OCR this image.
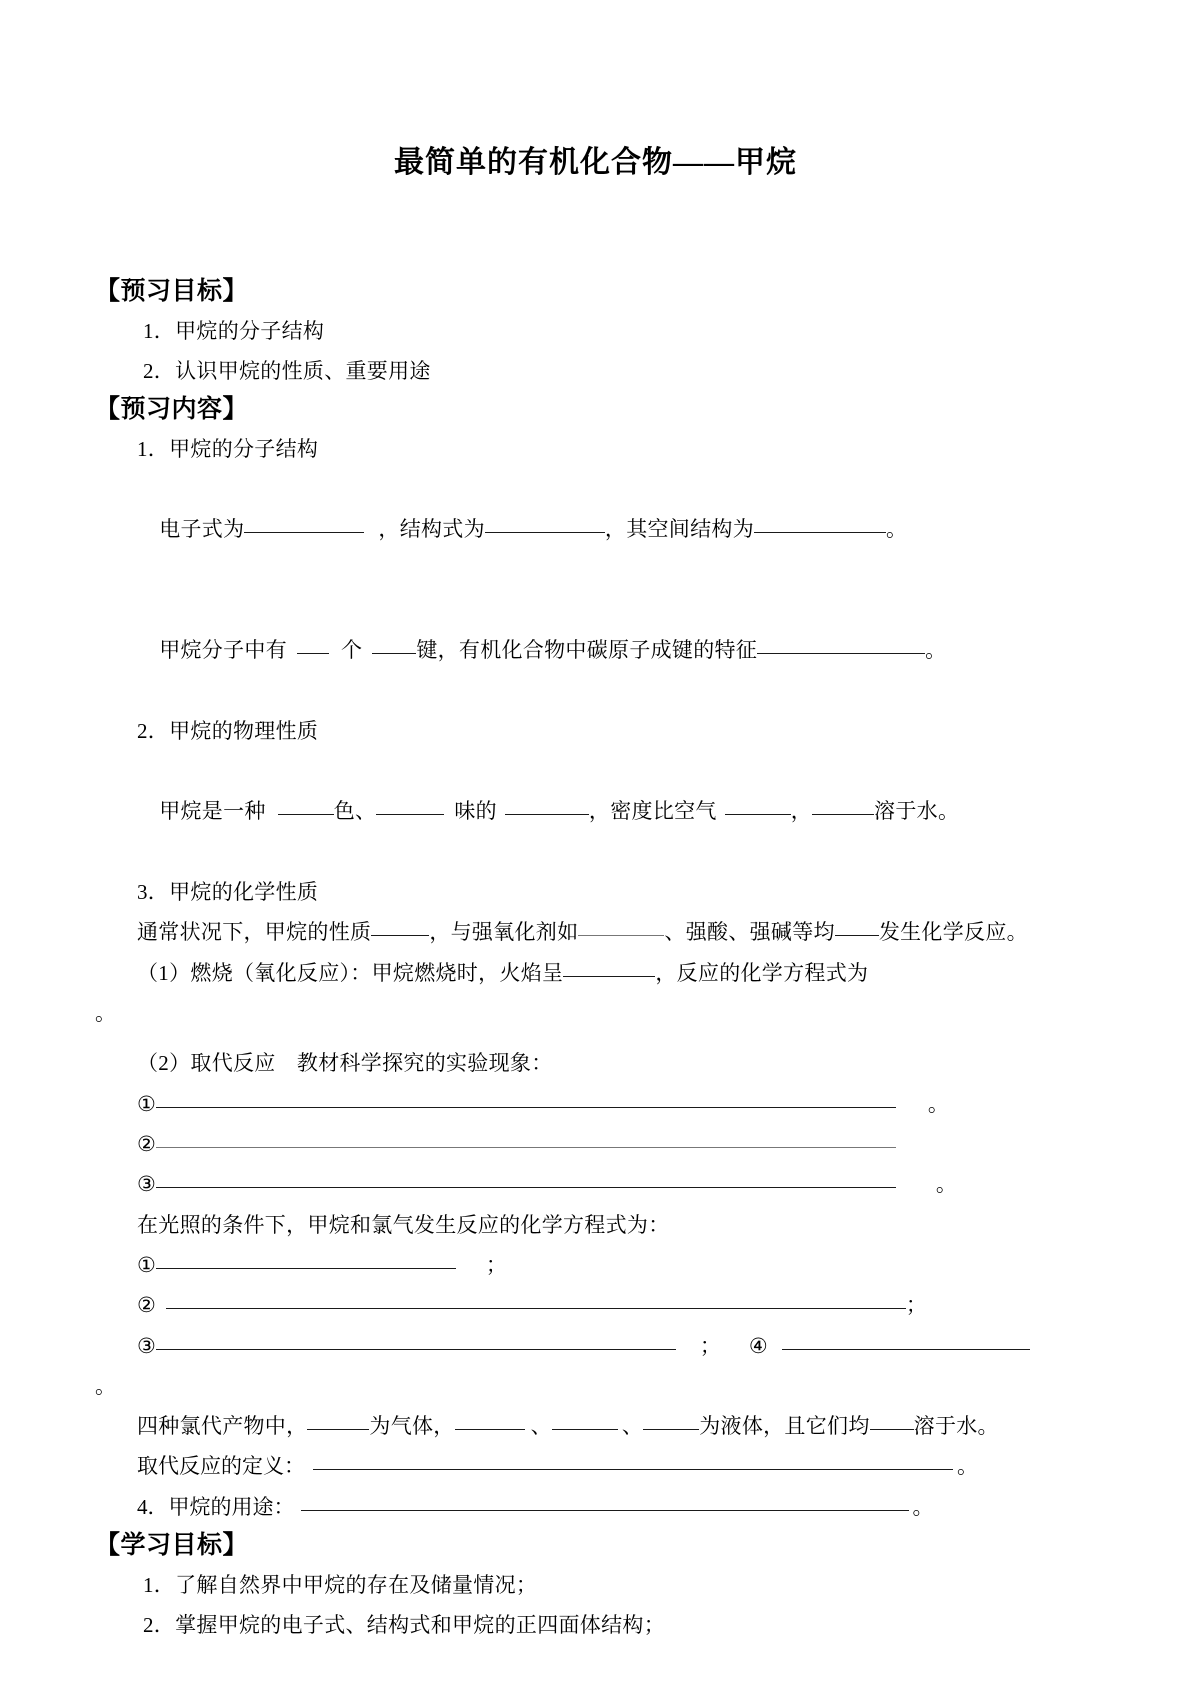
最简单的有机化合物——甲烷
【预习目标】
1．甲烷的分子结构
2．认识甲烷的性质、重要用途
【预习内容】
1．甲烷的分子结构

电子式为	，结构式为	，其空间结构为	。

甲烷分子中有	个	键，有机化合物中碳原子成键的特征	。

2．甲烷的物理性质

甲烷是一种	色、	味的	，密度比空气	，	溶于水。

3．甲烷的化学性质
通常状况下，甲烷的性质	，与强氧化剂如	、强酸、强碱等均 发生化学反应。
（1）燃烧（氧化反应）：甲烷燃烧时，火焰呈	，反应的化学方程式为
。
（2）取代反应　教材科学探究的实验现象：
①	。
②
③	。
在光照的条件下，甲烷和氯气发生反应的化学方程式为：
①	；
②	；
③	； ④
。
四种氯代产物中，	为气体，	、	、	为液体，且它们均 溶于水。
取代反应的定义：	。
4．甲烷的用途：	。
【学习目标】
1．了解自然界中甲烷的存在及储量情况；
2．掌握甲烷的电子式、结构式和甲烷的正四面体结构；
